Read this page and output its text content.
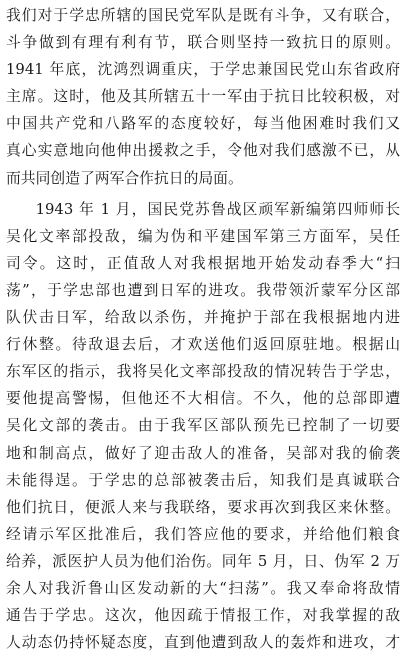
我们对于学忠所辖的国民党军队是既有斗争，又有联合，
斗争做到有理有利有节，联合则坚持一致抗日的原则。
1941 年底，沈鸿烈调重庆，于学忠兼国民党山东省政府
主席。这时，他及其所辖五十一军由于抗日比较积极，对
中国共产党和八路军的态度较好，每当他困难时我们又
真心实意地向他伸出援救之手，令他对我们感激不已，从
而共同创造了两军合作抗日的局面。
1943 年 1 月，国民党苏鲁战区顽军新编第四师师长
吴化文率部投敌，编为伪和平建国军第三方面军，吴任
司令。这时，正值敌人对我根据地开始发动春季大“扫
荡”，于学忠部也遭到日军的进攻。我带领沂蒙军分区部
队伏击日军，给敌以杀伤，并掩护于部在我根据地内进
行休整。待敌退去后，才欢送他们返回原驻地。根据山
东军区的指示，我将吴化文率部投敌的情况转告于学忠，
要他提高警惕，但他还不大相信。不久，他的总部即遭
吴化文部的袭击。由于我军区部队预先已控制了一切要
地和制高点，做好了迎击敌人的准备，吴部对我的偷袭
未能得逞。于学忠的总部被袭击后，知我们是真诚联合
他们抗日，便派人来与我联络，要求再次到我区来休整。
经请示军区批准后，我们答应他的要求，并给他们粮食
给养，派医护人员为他们治伤。同年 5 月，日、伪军 2 万
余人对我沂鲁山区发动新的大“扫荡”。我又奉命将敌情
通告于学忠。这次，他因疏于情报工作，对我掌握的敌
人动态仍持怀疑态度，直到他遭到敌人的轰炸和进攻，才
